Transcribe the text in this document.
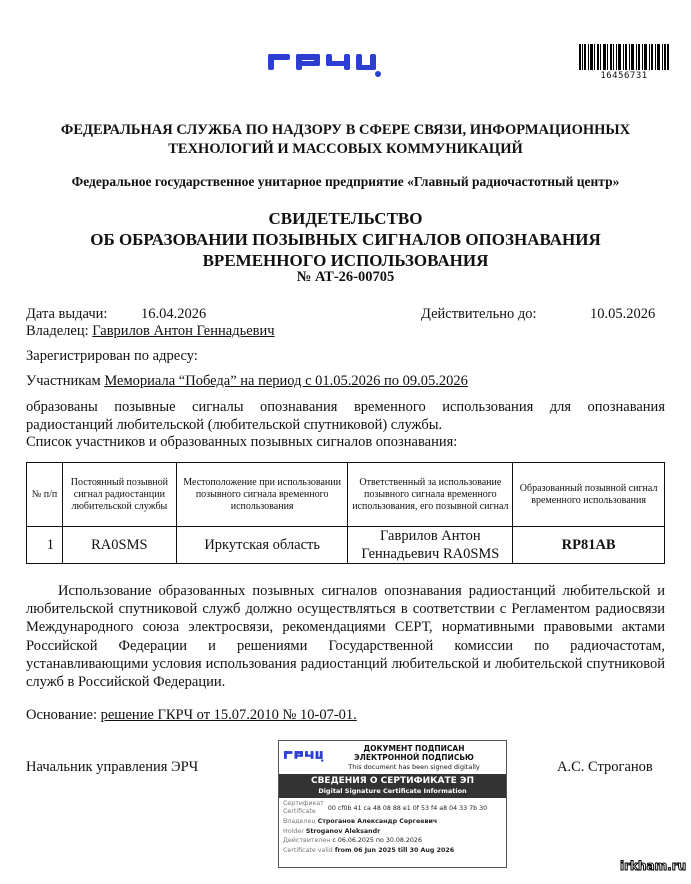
16456731
ФЕДЕРАЛЬНАЯ СЛУЖБА ПО НАДЗОРУ В СФЕРЕ СВЯЗИ, ИНФОРМАЦИОННЫХ
ТЕХНОЛОГИЙ И МАССОВЫХ КОММУНИКАЦИЙ
Федеральное государственное унитарное предприятие «Главный радиочастотный центр»
СВИДЕТЕЛЬСТВО
ОБ ОБРАЗОВАНИИ ПОЗЫВНЫХ СИГНАЛОВ ОПОЗНАВАНИЯ
ВРЕМЕННОГО ИСПОЛЬЗОВАНИЯ
№ АТ-26-00705
Дата выдачи: 16.04.2026	Действительно до:	10.05.2026
Владелец: Гаврилов Антон Геннадьевич
Зарегистрирован по адресу:
Участникам Мемориала “Победа” на период с 01.05.2026 по 09.05.2026
образованы позывные сигналы опознавания временного использования для опознавания радиостанций любительской (любительской спутниковой) службы.
Список участников и образованных позывных сигналов опознавания:
№ п/п	Постоянный позывной сигнал радиостанции любительской службы	Местоположение при использовании позывного сигнала временного использования	Ответственный за использование позывного сигнала временного использования, его позывной сигнал	Образованный позывной сигнал временного использования
1	RA0SMS	Иркутская область	Гаврилов Антон Геннадьевич RA0SMS	RP81AB
Использование образованных позывных сигналов опознавания радиостанций любительской и любительской спутниковой служб должно осуществляться в соответствии с Регламентом радиосвязи Международного союза электросвязи, рекомендациями СЕРТ, нормативными правовыми актами Российской Федерации и решениями Государственной комиссии по радиочастотам, устанавливающими условия использования радиостанций любительской и любительской спутниковой служб в Российской Федерации.
Основание: решение ГКРЧ от 15.07.2010 № 10-07-01.
Начальник управления ЭРЧ	А.С. Строганов
ДОКУМЕНТ ПОДПИСАН
ЭЛЕКТРОННОЙ ПОДПИСЬЮ
This document has been signed digitally
СВЕДЕНИЯ О СЕРТИФИКАТЕ ЭП
Digital Signature Certificate Information
Сертификат
Certificate	00 cf0b 41 ca 48 08 88 e1 0f 53 f4 a8 04 33 7b 30
Владелец Строганов Александр Сергеевич
Holder Stroganov Aleksandr
Действителен с 06.06.2025 по 30.08.2026
Certificate valid from 06 Jun 2025 till 30 Aug 2026
irkham.ru
